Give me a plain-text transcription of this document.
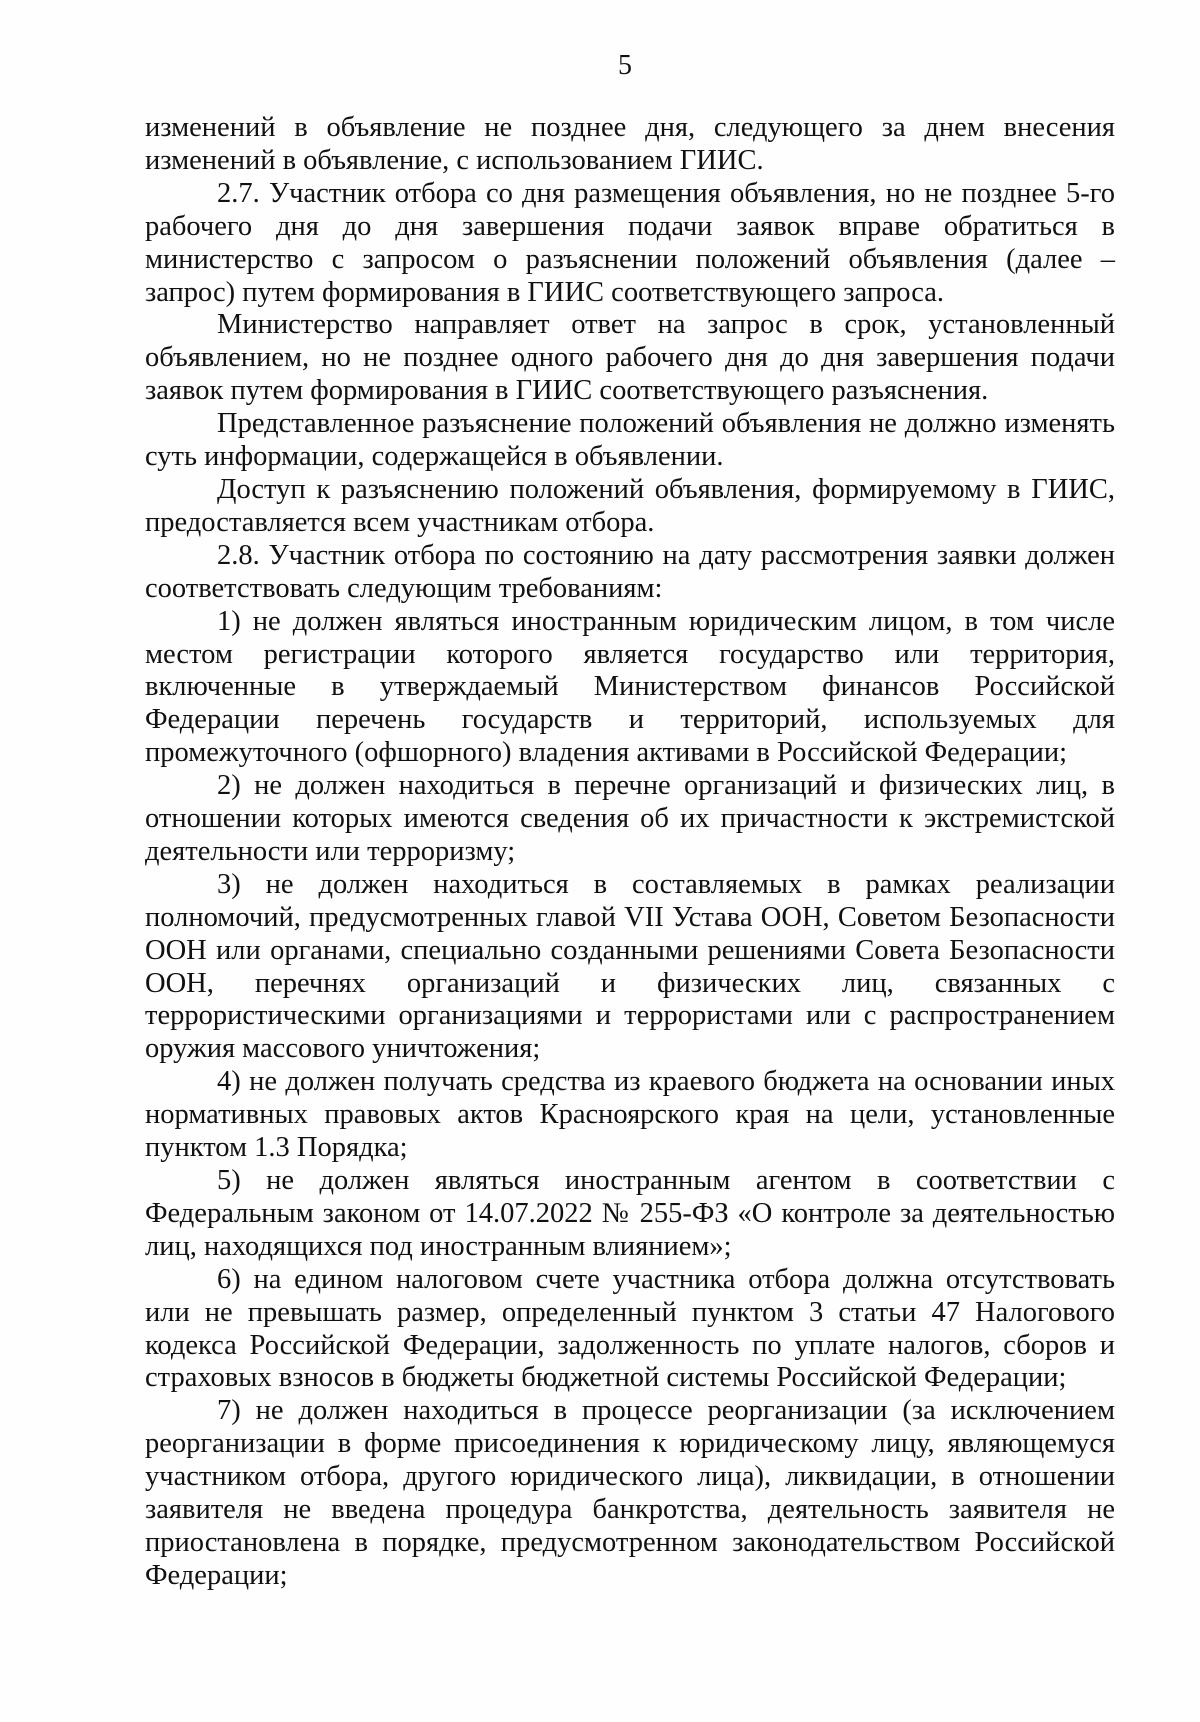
5

изменений в объявление не позднее дня, следующего за днем внесения изменений в объявление, с использованием ГИИС.

2.7. Участник отбора со дня размещения объявления, но не позднее 5-го рабочего дня до дня завершения подачи заявок вправе обратиться в министерство с запросом о разъяснении положений объявления (далее – запрос) путем формирования в ГИИС соответствующего запроса.

Министерство направляет ответ на запрос в срок, установленный объявлением, но не позднее одного рабочего дня до дня завершения подачи заявок путем формирования в ГИИС соответствующего разъяснения.

Представленное разъяснение положений объявления не должно изменять суть информации, содержащейся в объявлении.

Доступ к разъяснению положений объявления, формируемому в ГИИС, предоставляется всем участникам отбора.

2.8. Участник отбора по состоянию на дату рассмотрения заявки должен соответствовать следующим требованиям:

1) не должен являться иностранным юридическим лицом, в том числе местом регистрации которого является государство или территория, включенные в утверждаемый Министерством финансов Российской Федерации перечень государств и территорий, используемых для промежуточного (офшорного) владения активами в Российской Федерации;

2) не должен находиться в перечне организаций и физических лиц, в отношении которых имеются сведения об их причастности к экстремистской деятельности или терроризму;

3) не должен находиться в составляемых в рамках реализации полномочий, предусмотренных главой VII Устава ООН, Советом Безопасности ООН или органами, специально созданными решениями Совета Безопасности ООН, перечнях организаций и физических лиц, связанных с террористическими организациями и террористами или с распространением оружия массового уничтожения;

4) не должен получать средства из краевого бюджета на основании иных нормативных правовых актов Красноярского края на цели, установленные пунктом 1.3 Порядка;

5) не должен являться иностранным агентом в соответствии с Федеральным законом от 14.07.2022 № 255-ФЗ «О контроле за деятельностью лиц, находящихся под иностранным влиянием»;

6) на едином налоговом счете участника отбора должна отсутствовать или не превышать размер, определенный пунктом 3 статьи 47 Налогового кодекса Российской Федерации, задолженность по уплате налогов, сборов и страховых взносов в бюджеты бюджетной системы Российской Федерации;

7) не должен находиться в процессе реорганизации (за исключением реорганизации в форме присоединения к юридическому лицу, являющемуся участником отбора, другого юридического лица), ликвидации, в отношении заявителя не введена процедура банкротства, деятельность заявителя не приостановлена в порядке, предусмотренном законодательством Российской Федерации;
